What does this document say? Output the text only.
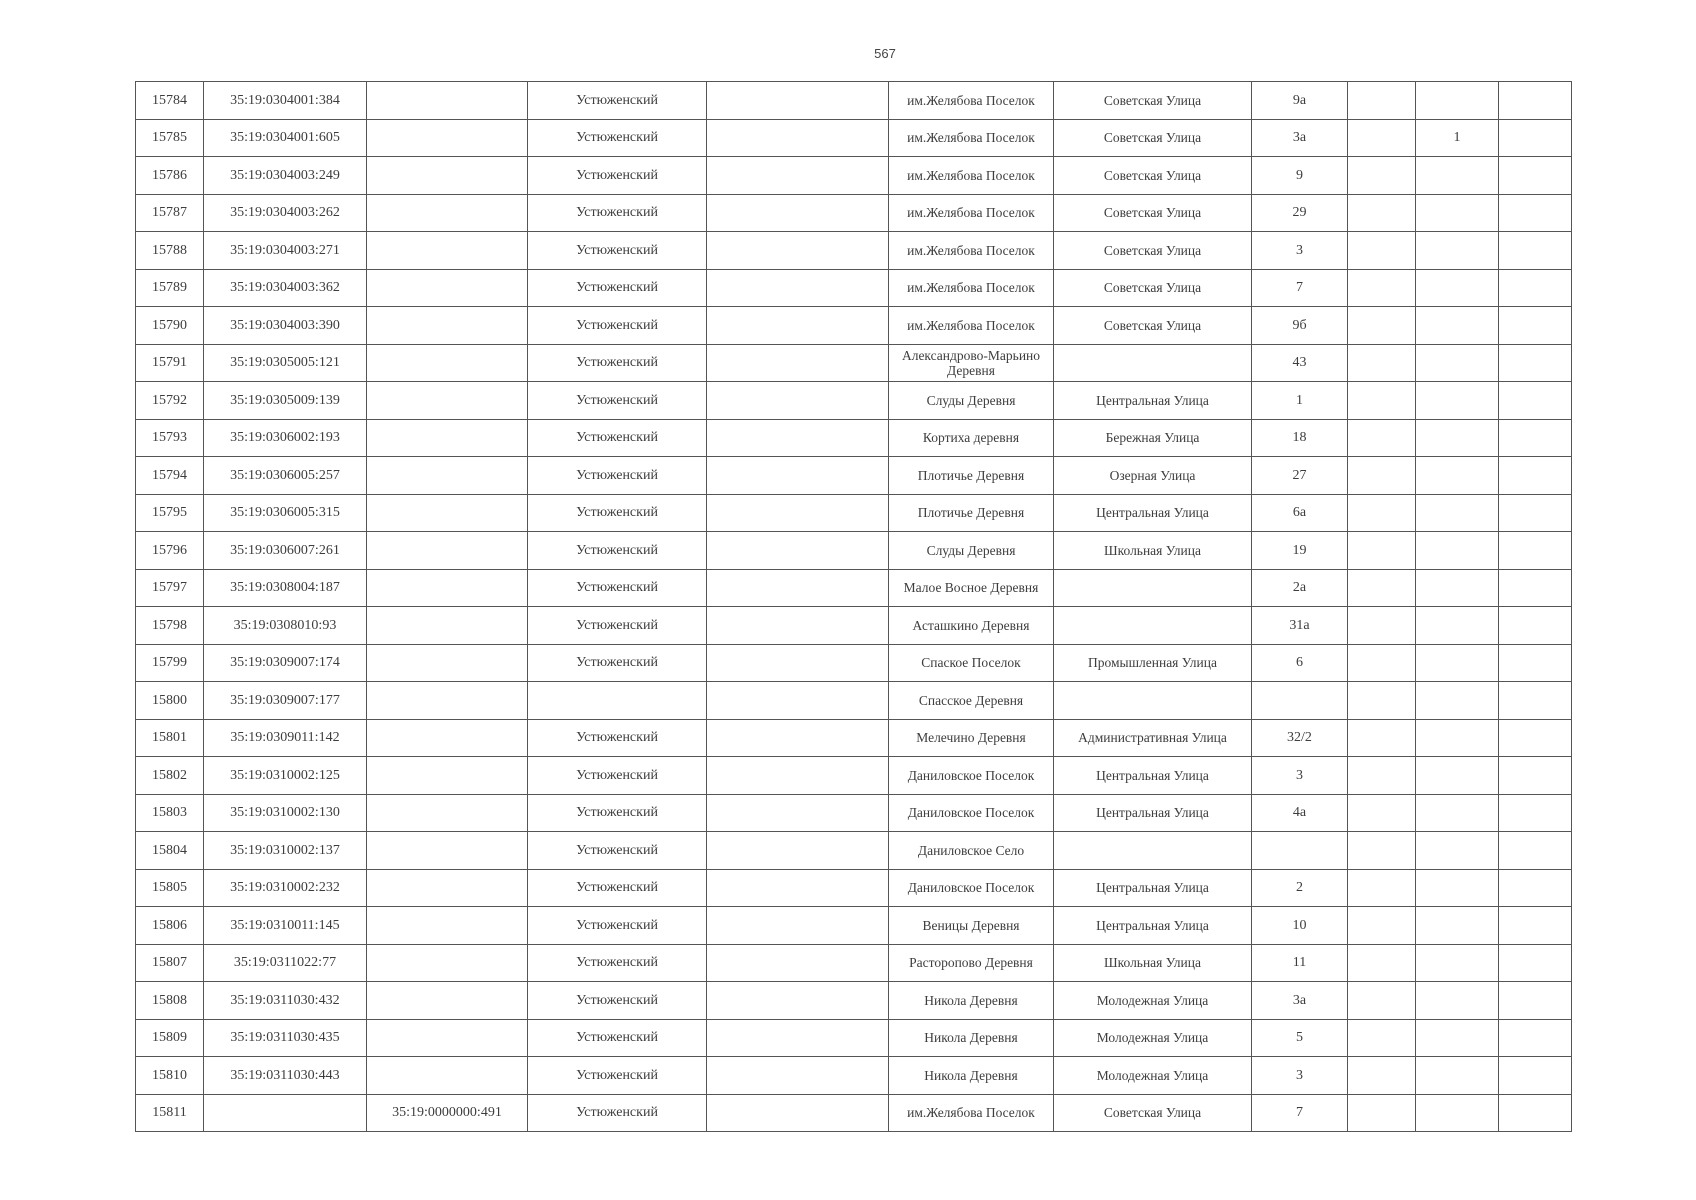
567
15784	35:19:0304001:384		Устюженский		им.Желябова Поселок	Советская Улица	9а			
15785	35:19:0304001:605		Устюженский		им.Желябова Поселок	Советская Улица	3а		1	
15786	35:19:0304003:249		Устюженский		им.Желябова Поселок	Советская Улица	9			
15787	35:19:0304003:262		Устюженский		им.Желябова Поселок	Советская Улица	29			
15788	35:19:0304003:271		Устюженский		им.Желябова Поселок	Советская Улица	3			
15789	35:19:0304003:362		Устюженский		им.Желябова Поселок	Советская Улица	7			
15790	35:19:0304003:390		Устюженский		им.Желябова Поселок	Советская Улица	9б			
15791	35:19:0305005:121		Устюженский		Александрово-Марьино Деревня		43			
15792	35:19:0305009:139		Устюженский		Слуды Деревня	Центральная Улица	1			
15793	35:19:0306002:193		Устюженский		Кортиха деревня	Бережная Улица	18			
15794	35:19:0306005:257		Устюженский		Плотичье Деревня	Озерная Улица	27			
15795	35:19:0306005:315		Устюженский		Плотичье Деревня	Центральная Улица	6а			
15796	35:19:0306007:261		Устюженский		Слуды Деревня	Школьная Улица	19			
15797	35:19:0308004:187		Устюженский		Малое Восное Деревня		2а			
15798	35:19:0308010:93		Устюженский		Асташкино Деревня		31а			
15799	35:19:0309007:174		Устюженский		Спаское Поселок	Промышленная Улица	6			
15800	35:19:0309007:177				Спасское Деревня					
15801	35:19:0309011:142		Устюженский		Мелечино Деревня	Административная Улица	32/2			
15802	35:19:0310002:125		Устюженский		Даниловское Поселок	Центральная Улица	3			
15803	35:19:0310002:130		Устюженский		Даниловское Поселок	Центральная Улица	4а			
15804	35:19:0310002:137		Устюженский		Даниловское Село					
15805	35:19:0310002:232		Устюженский		Даниловское Поселок	Центральная Улица	2			
15806	35:19:0310011:145		Устюженский		Веницы Деревня	Центральная Улица	10			
15807	35:19:0311022:77		Устюженский		Расторопово Деревня	Школьная Улица	11			
15808	35:19:0311030:432		Устюженский		Никола Деревня	Молодежная Улица	3а			
15809	35:19:0311030:435		Устюженский		Никола Деревня	Молодежная Улица	5			
15810	35:19:0311030:443		Устюженский		Никола Деревня	Молодежная Улица	3			
15811		35:19:0000000:491	Устюженский		им.Желябова Поселок	Советская Улица	7			
